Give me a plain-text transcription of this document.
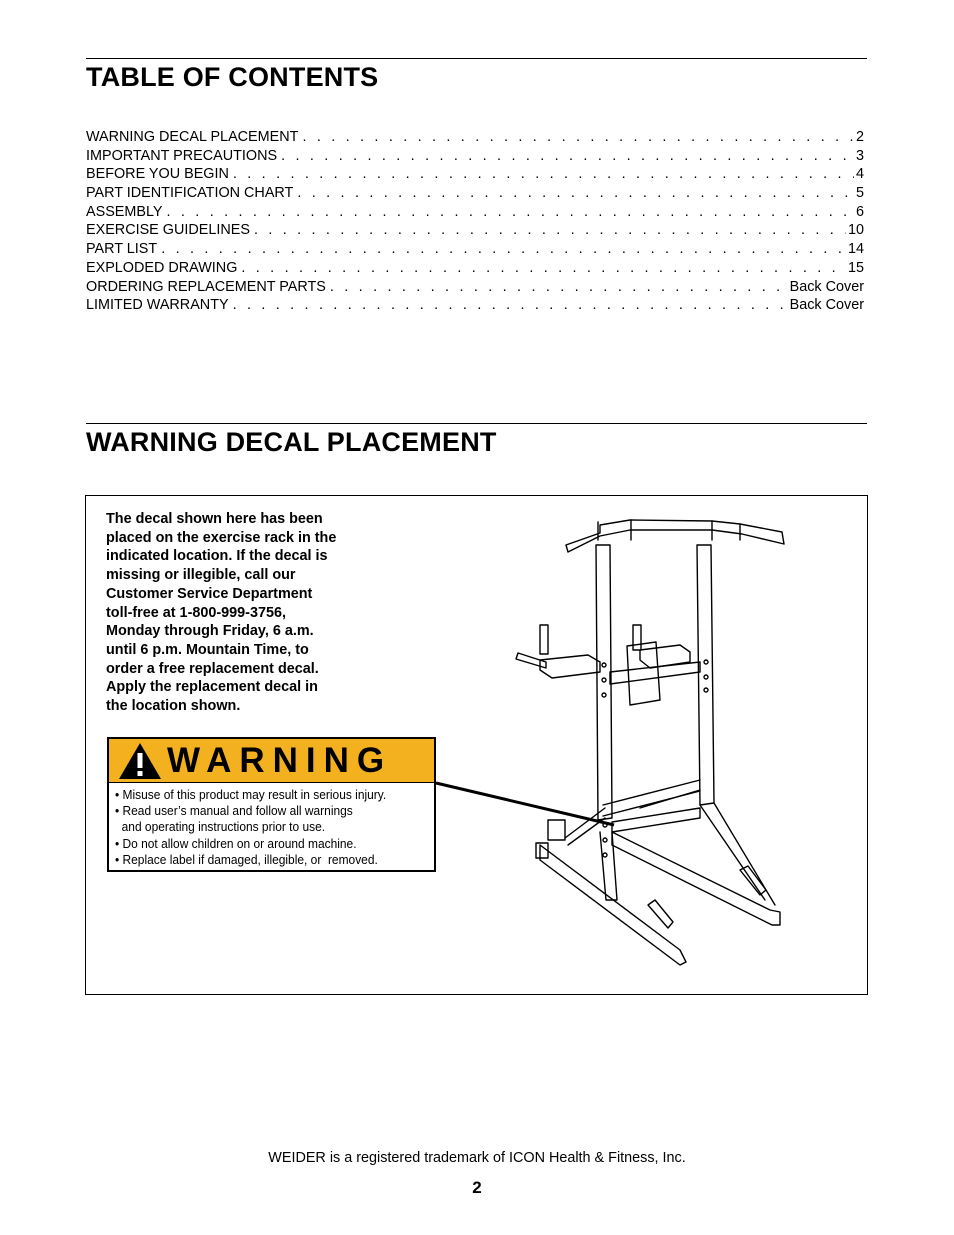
TABLE OF CONTENTS
WARNING DECAL PLACEMENT . . .	2
IMPORTANT PRECAUTIONS . . .	3
BEFORE YOU BEGIN . . .	4
PART IDENTIFICATION CHART . . .	5
ASSEMBLY . . .	6
EXERCISE GUIDELINES . . .	10
PART LIST . . .	14
EXPLODED DRAWING . . .	15
ORDERING REPLACEMENT PARTS . . .	Back Cover
LIMITED WARRANTY . . .	Back Cover
WARNING DECAL PLACEMENT

The decal shown here has been
placed on the exercise rack in the
indicated location. If the decal is
missing or illegible, call our
Customer Service Department
toll-free at 1-800-999-3756,
Monday through Friday, 6 a.m.
until 6 p.m. Mountain Time, to
order a free replacement decal.
Apply the replacement decal in
the location shown.

WARNING
• Misuse of this product may result in serious injury.
• Read user’s manual and follow all warnings
and operating instructions prior to use.
• Do not allow children on or around machine.
• Replace label if damaged, illegible, or  removed.

WEIDER is a registered trademark of ICON Health & Fitness, Inc.

2
